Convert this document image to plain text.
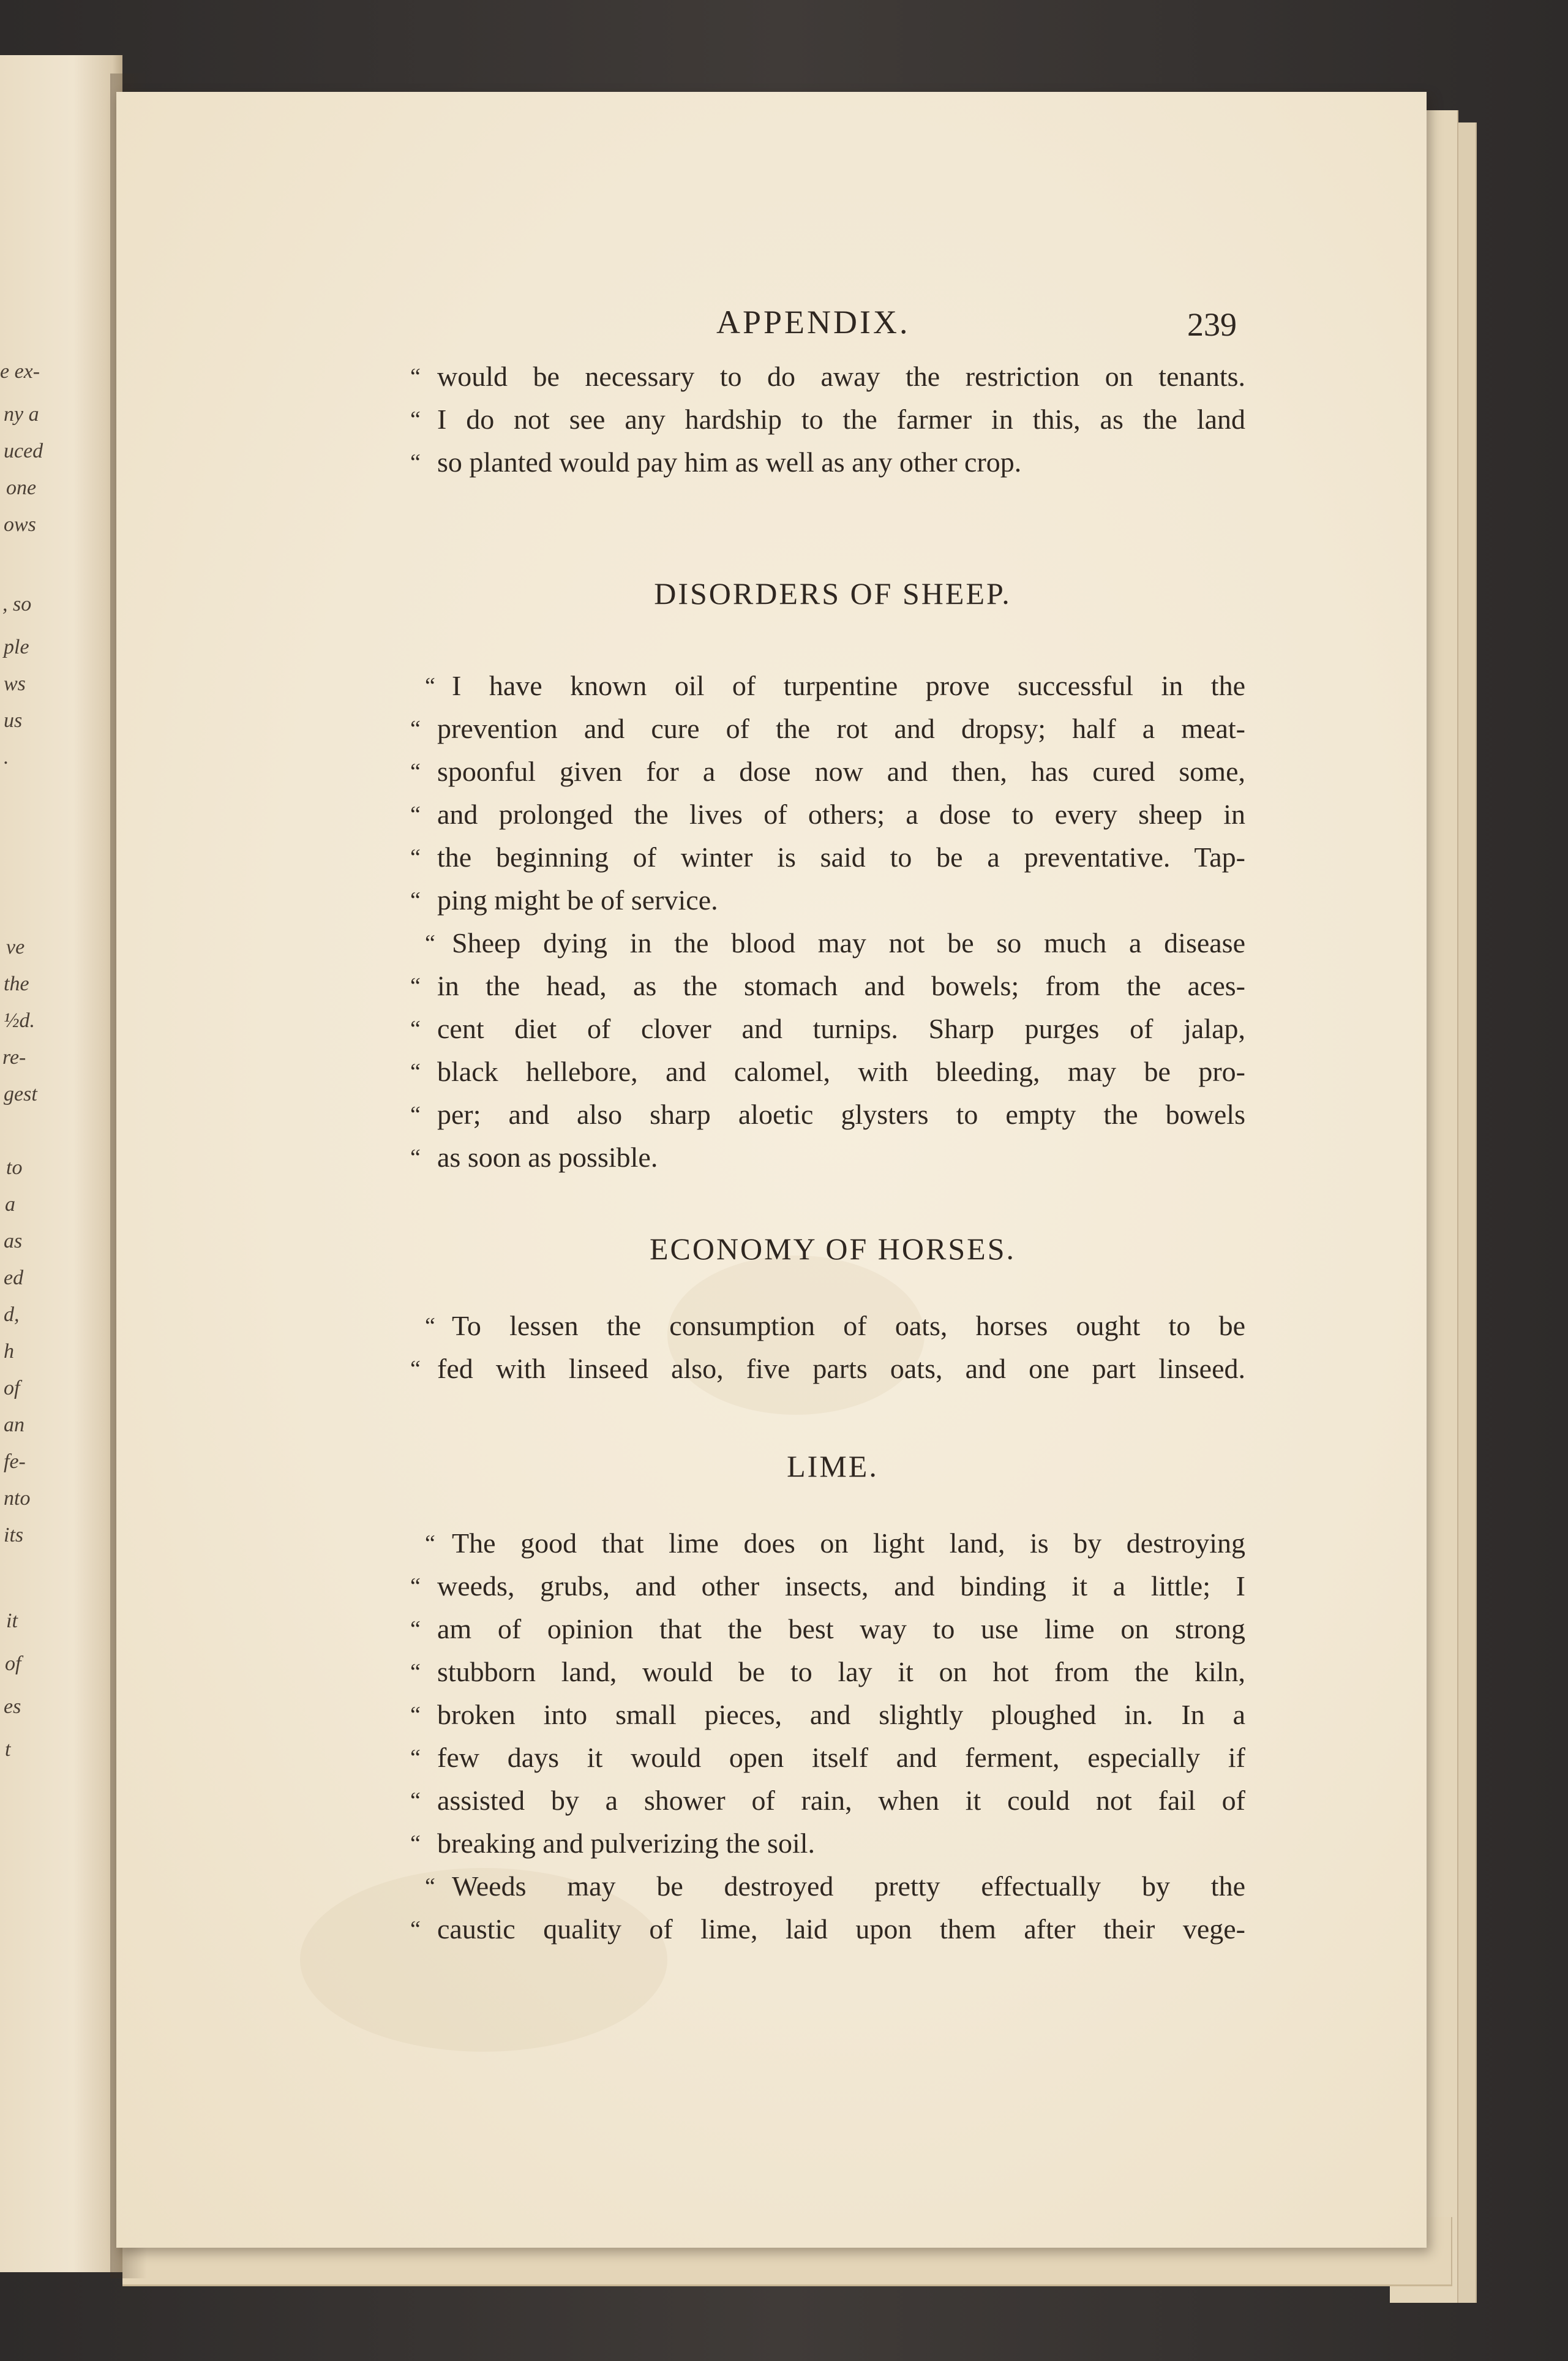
e ex-
ny a
uced
one
ows
, so
ple
ws
us
.
ve
the
½d.
re-
gest
to
a
as
ed
d,
h
of
an
fe-
nto
its
it
of
es
t
APPENDIX.	239
“ would be necessary to do away the restriction on tenants.
“ I do not see any hardship to the farmer in this, as the land
“ so planted would pay him as well as any other crop.
DISORDERS OF SHEEP.
“ I have known oil of turpentine prove successful in the
“ prevention and cure of the rot and dropsy; half a meat-
“ spoonful given for a dose now and then, has cured some,
“ and prolonged the lives of others; a dose to every sheep in
“ the beginning of winter is said to be a preventative. Tap-
“ ping might be of service.
“ Sheep dying in the blood may not be so much a disease
“ in the head, as the stomach and bowels; from the aces-
“ cent diet of clover and turnips. Sharp purges of jalap,
“ black hellebore, and calomel, with bleeding, may be pro-
“ per; and also sharp aloetic glysters to empty the bowels
“ as soon as possible.
ECONOMY OF HORSES.
“ To lessen the consumption of oats, horses ought to be
“ fed with linseed also, five parts oats, and one part linseed.
LIME.
“ The good that lime does on light land, is by destroying
“ weeds, grubs, and other insects, and binding it a little; I
“ am of opinion that the best way to use lime on strong
“ stubborn land, would be to lay it on hot from the kiln,
“ broken into small pieces, and slightly ploughed in. In a
“ few days it would open itself and ferment, especially if
“ assisted by a shower of rain, when it could not fail of
“ breaking and pulverizing the soil.
“ Weeds may be destroyed pretty effectually by the
“ caustic quality of lime, laid upon them after their vege-
